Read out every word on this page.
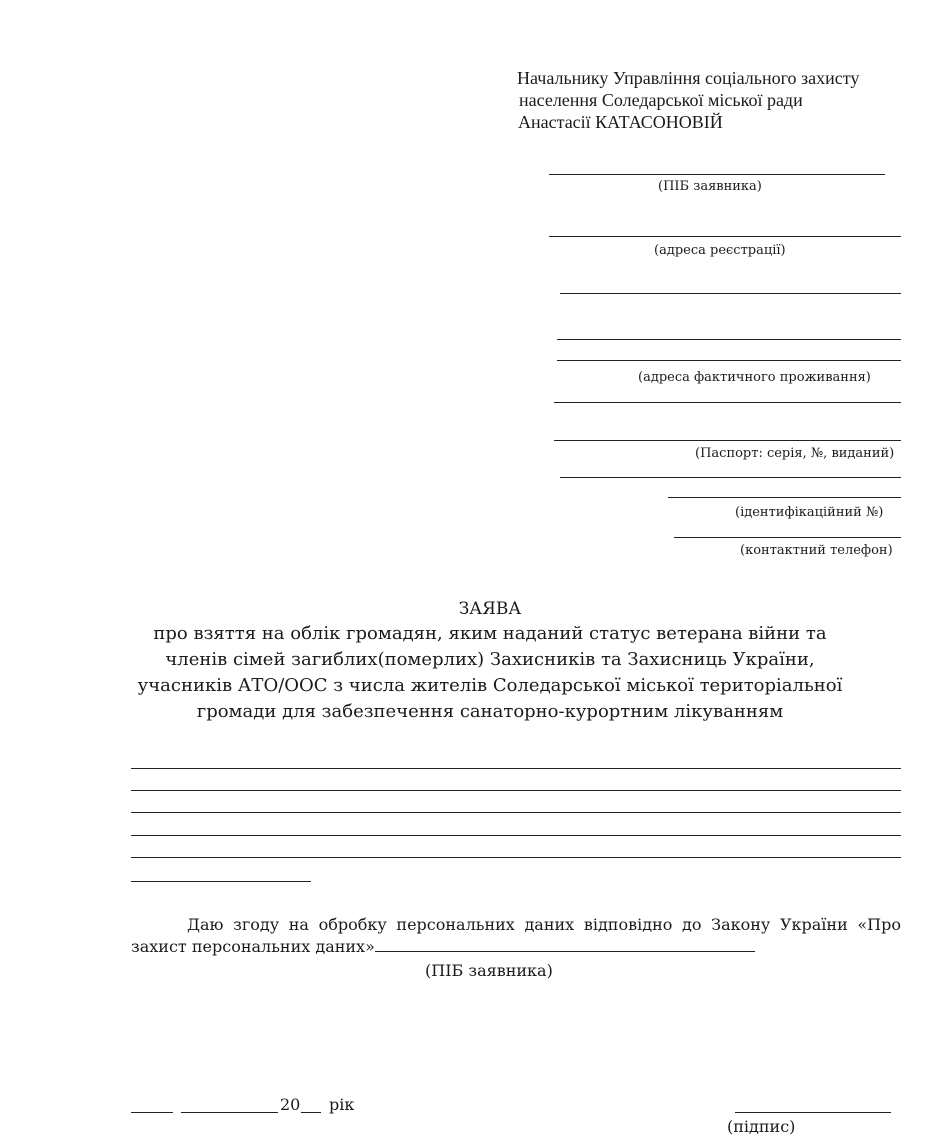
Начальнику Управління соціального захисту
населення Соледарської міської ради
Анастасії КАТАСОНОВІЙ
(ПІБ заявника)
(адреса реєстрації)
(адреса фактичного проживання)
(Паспорт: серія, №, виданий)
(ідентифікаційний №)
(контактний телефон)
ЗАЯВА
про взяття на облік громадян, яким наданий статус ветерана війни та
членів сімей загиблих(померлих) Захисників та Захисниць України,
учасників АТО/ООС з числа жителів Соледарської міської територіальної
громади для забезпечення санаторно-курортним лікуванням
Даю згоду на обробку персональних даних відповідно до Закону України «Про захист персональних даних»
(ПІБ заявника)
20 рік
(підпис)
